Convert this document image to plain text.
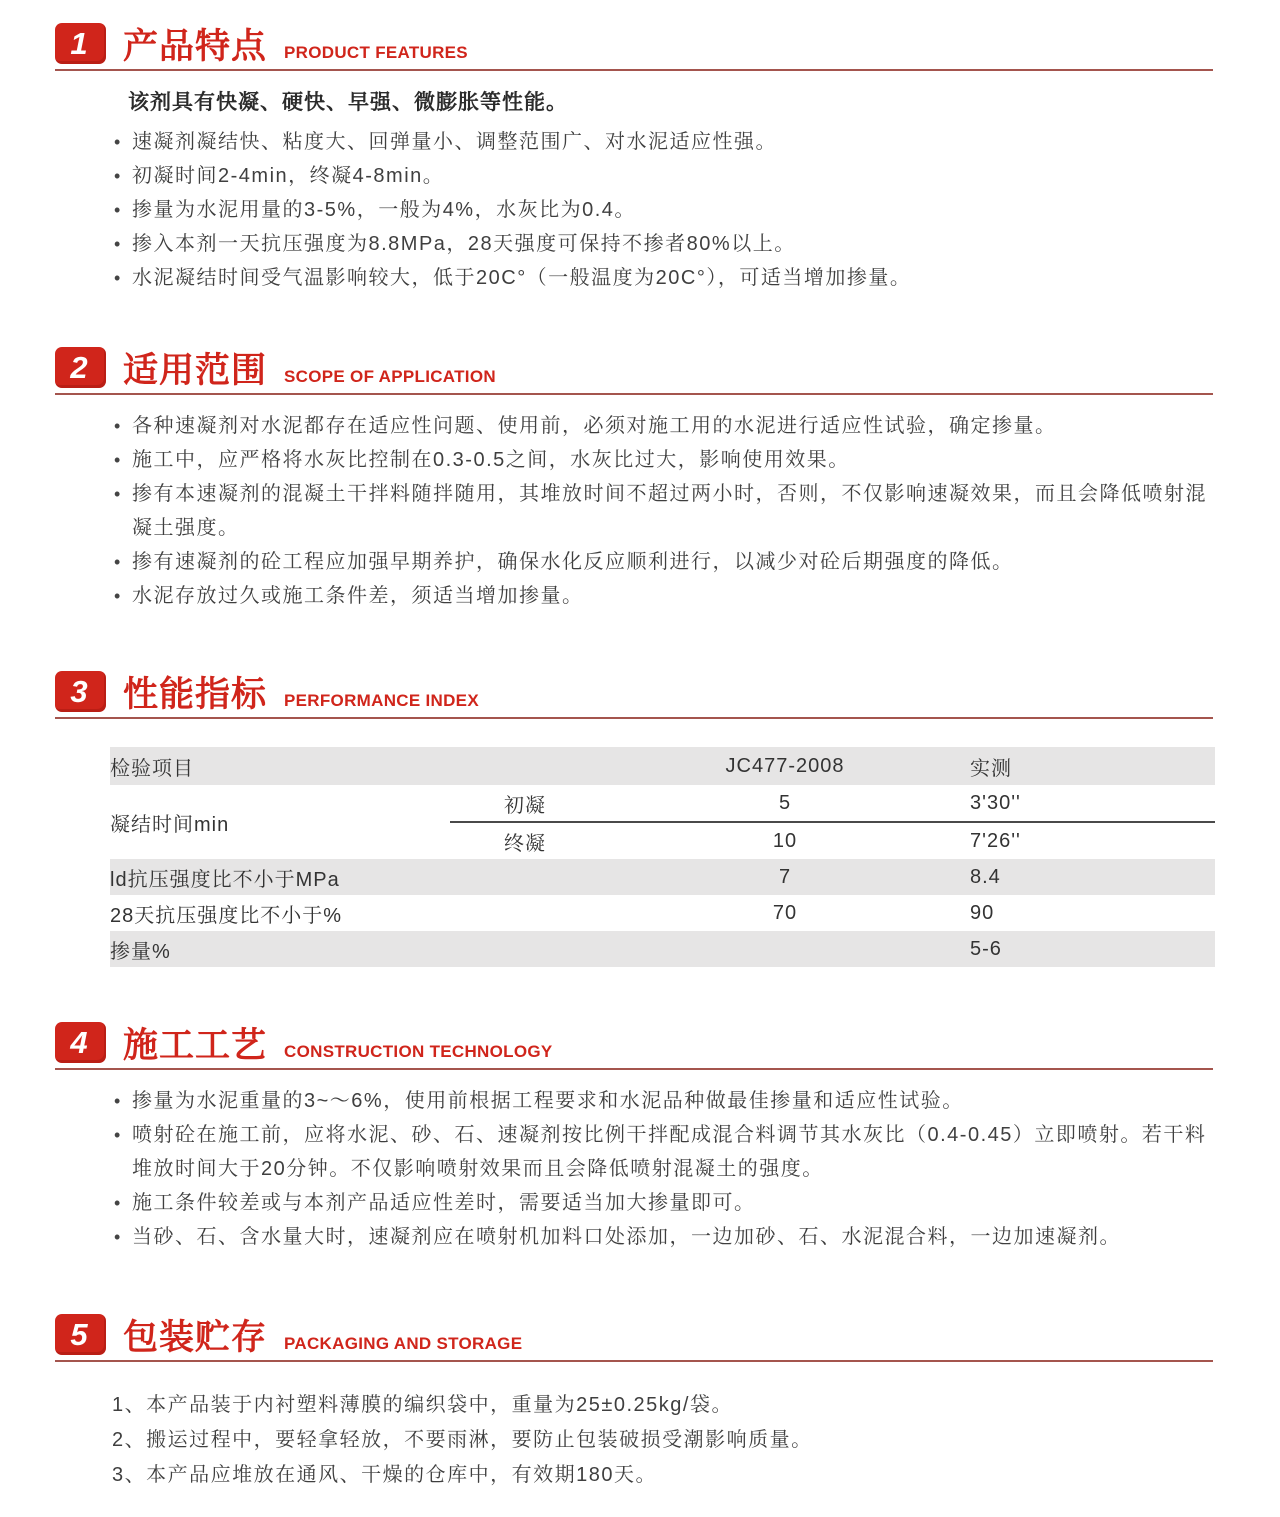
1	产品特点 PRODUCT FEATURES
该剂具有快凝、硬快、早强、微膨胀等性能。
• 速凝剂凝结快、粘度大、回弹量小、调整范围广、对水泥适应性强。
• 初凝时间2-4min，终凝4-8min。
• 掺量为水泥用量的3-5%，一般为4%，水灰比为0.4。
• 掺入本剂一天抗压强度为8.8MPa，28天强度可保持不掺者80%以上。
• 水泥凝结时间受气温影响较大，低于20C°（一般温度为20C°），可适当增加掺量。
2	适用范围 SCOPE OF APPLICATION
• 各种速凝剂对水泥都存在适应性问题、使用前，必须对施工用的水泥进行适应性试验，确定掺量。
• 施工中，应严格将水灰比控制在0.3-0.5之间，水灰比过大，影响使用效果。
• 掺有本速凝剂的混凝土干拌料随拌随用，其堆放时间不超过两小时，否则，不仅影响速凝效果，而且会降低喷射混凝土强度。
• 掺有速凝剂的砼工程应加强早期养护，确保水化反应顺利进行，以减少对砼后期强度的降低。
• 水泥存放过久或施工条件差，须适当增加掺量。
3	性能指标 PERFORMANCE INDEX
检验项目		JC477-2008	实测
凝结时间min	初凝	5	3'30''
	终凝	10	7'26''
ld抗压强度比不小于MPa		7	8.4
28天抗压强度比不小于%		70	90
掺量%			5-6
4	施工工艺 CONSTRUCTION TECHNOLOGY
• 掺量为水泥重量的3~～6%，使用前根据工程要求和水泥品种做最佳掺量和适应性试验。
• 喷射砼在施工前，应将水泥、砂、石、速凝剂按比例干拌配成混合料调节其水灰比（0.4-0.45）立即喷射。若干料堆放时间大于20分钟。不仅影响喷射效果而且会降低喷射混凝土的强度。
• 施工条件较差或与本剂产品适应性差时，需要适当加大掺量即可。
• 当砂、石、含水量大时，速凝剂应在喷射机加料口处添加，一边加砂、石、水泥混合料，一边加速凝剂。
5	包装贮存 PACKAGING AND STORAGE
1、本产品装于内衬塑料薄膜的编织袋中，重量为25±0.25kg/袋。
2、搬运过程中，要轻拿轻放，不要雨淋，要防止包装破损受潮影响质量。
3、本产品应堆放在通风、干燥的仓库中，有效期180天。
